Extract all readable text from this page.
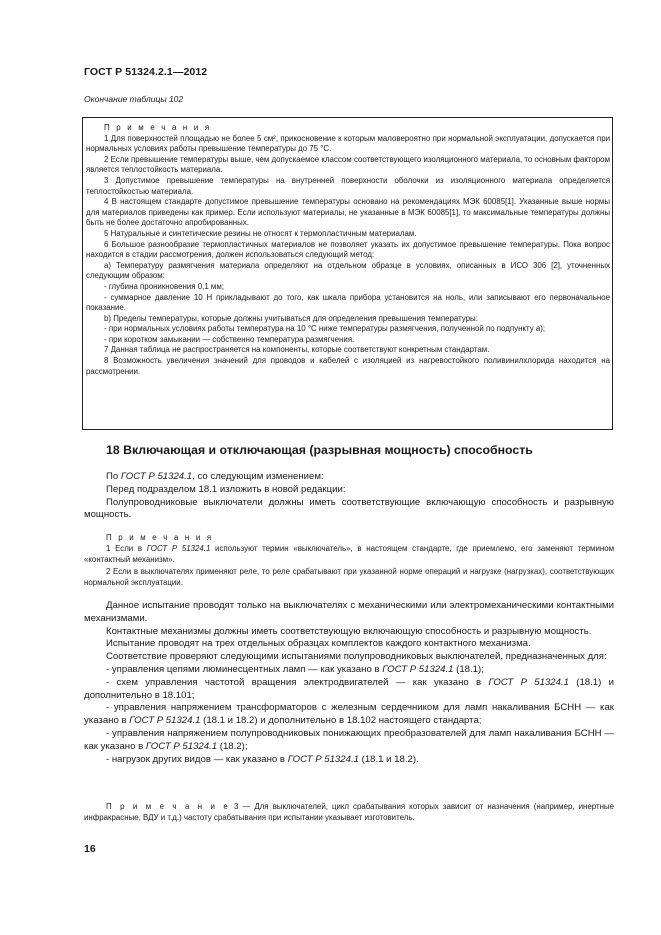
ГОСТ Р 51324.2.1—2012
Окончание таблицы 102

П р и м е ч а н и я

1 Для поверхностей площадью не более 5 см², прикосновение к которым маловероятно при нормальной эксплуатации, допускается при нормальных условиях работы превышение температуры до 75 °С.

2 Если превышение температуры выше, чем допускаемое классом соответствующего изоляционного материала, то основным фактором является теплостойкость материала.

3 Допустимое превышение температуры на внутренней поверхности оболочки из изоляционного материала определяется теплостойкостью материала.

4 В настоящем стандарте допустимое превышение температуры основано на рекомендациях МЭК 60085[1]. Указанные выше нормы для материалов приведены как пример. Если используют материалы, не указанные в МЭК 60085[1], то максимальные температуры должны быть не более достаточно апробированных.

5 Натуральные и синтетические резины не относят к термопластичным материалам.

6 Большое разнообразие термопластичных материалов не позволяет указать их допустимое превышение температуры. Пока вопрос находится в стадии рассмотрения, должен использоваться следующий метод:

а) Температуру размягчения материала определяют на отдельном образце в условиях, описанных в ИСО 306 [2], уточненных следующим образом:

- глубина проникновения 0,1 мм;

- суммарное давление 10 Н прикладывают до того, как шкала прибора установится на ноль, или записывают его первоначальное показание.

b) Пределы температуры, которые должны учитываться для определения превышения температуры:

- при нормальных условиях работы температура на 10 °С ниже температуры размягчения, полученной по подпункту а);

- при коротком замыкании — собственно температура размягчения.

7 Данная таблица не распространяется на компоненты, которые соответствуют конкретным стандартам.

8 Возможность увеличения значений для проводов и кабелей с изоляцией из нагревостойкого поливинилхлорида находится на рассмотрении.

18 Включающая и отключающая (разрывная мощность) способность

По ГОСТ Р 51324.1, со следующим изменением:

Перед подразделом 18.1 изложить в новой редакции:

Полупроводниковые выключатели должны иметь соответствующие включающую способность и разрывную мощность.

П р и м е ч а н и я

1 Если в ГОСТ Р 51324.1 используют термин «выключатель», в настоящем стандарте, где приемлемо, его заменяют термином «контактный механизм».

2 Если в выключателях применяют реле, то реле срабатывают при указанной норме операций и нагрузке (нагрузках), соответствующих нормальной эксплуатации.

Данное испытание проводят только на выключателях с механическими или электромеханическими контактными механизмами.

Контактные механизмы должны иметь соответствующую включающую способность и разрывную мощность.

Испытание проводят на трех отдельных образцах комплектов каждого контактного механизма.

Соответствие проверяют следующими испытаниями полупроводниковых выключателей, предназначенных для:

- управления цепями люминесцентных ламп — как указано в ГОСТ Р 51324.1 (18.1);

- схем управления частотой вращения электродвигателей — как указано в ГОСТ Р 51324.1 (18.1) и дополнительно в 18.101;

- управления напряжением трансформаторов с железным сердечником для ламп накаливания БСНН — как указано в ГОСТ Р 51324.1 (18.1 и 18.2) и дополнительно в 18.102 настоящего стандарта;

- управления напряжением полупроводниковых понижающих преобразователей для ламп накаливания БСНН — как указано в ГОСТ Р 51324.1 (18.2);

- нагрузок других видов — как указано в ГОСТ Р 51324.1 (18.1 и 18.2).

П р и м е ч а н и е 3 — Для выключателей, цикл срабатывания которых зависит от назначения (например, инертные инфракрасные, ВДУ и т.д.) частоту срабатывания при испытании указывает изготовитель.

16
